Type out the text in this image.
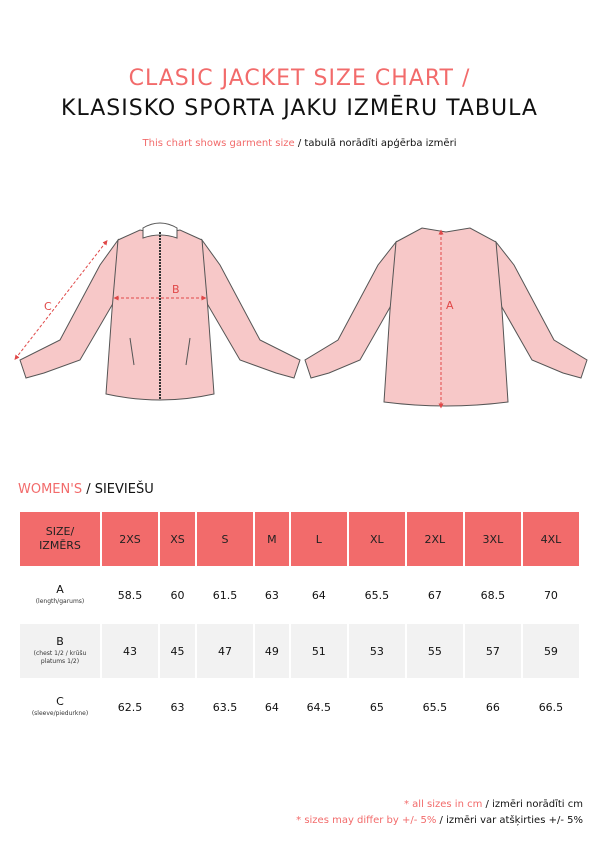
CLASIC JACKET SIZE CHART /
KLASISKO SPORTA JAKU IZMĒRU TABULA
This chart shows garment size / tabulā norādīti apģērba izmēri
B
C	A
WOMEN'S / SIEVIEŠU
SIZE/
IZMĒRS	2XS	XS	S	M	L	XL	2XL	3XL	4XL
A
(length/garums)	58.5	60	61.5	63	64	65.5	67	68.5	70
B
(chest 1/2 / krūšu platums 1/2)	43	45	47	49	51	53	55	57	59
C
(sleeve/piedurkne)	62.5	63	63.5	64	64.5	65	65.5	66	66.5
* all sizes in cm / izmēri norādīti cm
* sizes may differ by +/- 5% / izmēri var atšķirties +/- 5%
